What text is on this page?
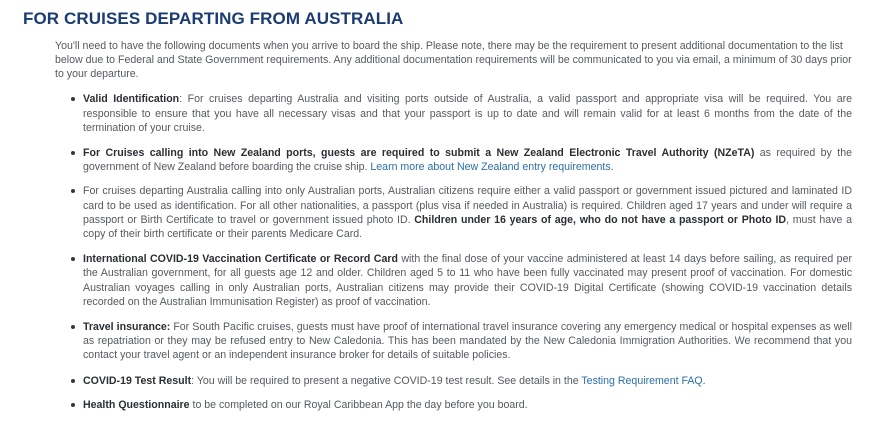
FOR CRUISES DEPARTING FROM AUSTRALIA

You'll need to have the following documents when you arrive to board the ship. Please note, there may be the requirement to present additional documentation to the list below due to Federal and State Government requirements. Any additional documentation requirements will be communicated to you via email, a minimum of 30 days prior to your departure.

Valid Identification: For cruises departing Australia and visiting ports outside of Australia, a valid passport and appropriate visa will be required. You are responsible to ensure that you have all necessary visas and that your passport is up to date and will remain valid for at least 6 months from the date of the termination of your cruise.
For Cruises calling into New Zealand ports, guests are required to submit a New Zealand Electronic Travel Authority (NZeTA) as required by the government of New Zealand before boarding the cruise ship. Learn more about New Zealand entry requirements.
For cruises departing Australia calling into only Australian ports, Australian citizens require either a valid passport or government issued pictured and laminated ID card to be used as identification. For all other nationalities, a passport (plus visa if needed in Australia) is required. Children aged 17 years and under will require a passport or Birth Certificate to travel or government issued photo ID. Children under 16 years of age, who do not have a passport or Photo ID, must have a copy of their birth certificate or their parents Medicare Card.
International COVID-19 Vaccination Certificate or Record Card with the final dose of your vaccine administered at least 14 days before sailing, as required per the Australian government, for all guests age 12 and older. Children aged 5 to 11 who have been fully vaccinated may present proof of vaccination. For domestic Australian voyages calling in only Australian ports, Australian citizens may provide their COVID-19 Digital Certificate (showing COVID-19 vaccination details recorded on the Australian Immunisation Register) as proof of vaccination.
Travel insurance: For South Pacific cruises, guests must have proof of international travel insurance covering any emergency medical or hospital expenses as well as repatriation or they may be refused entry to New Caledonia. This has been mandated by the New Caledonia Immigration Authorities. We recommend that you contact your travel agent or an independent insurance broker for details of suitable policies.
COVID-19 Test Result: You will be required to present a negative COVID-19 test result. See details in the Testing Requirement FAQ.
Health Questionnaire to be completed on our Royal Caribbean App the day before you board.
